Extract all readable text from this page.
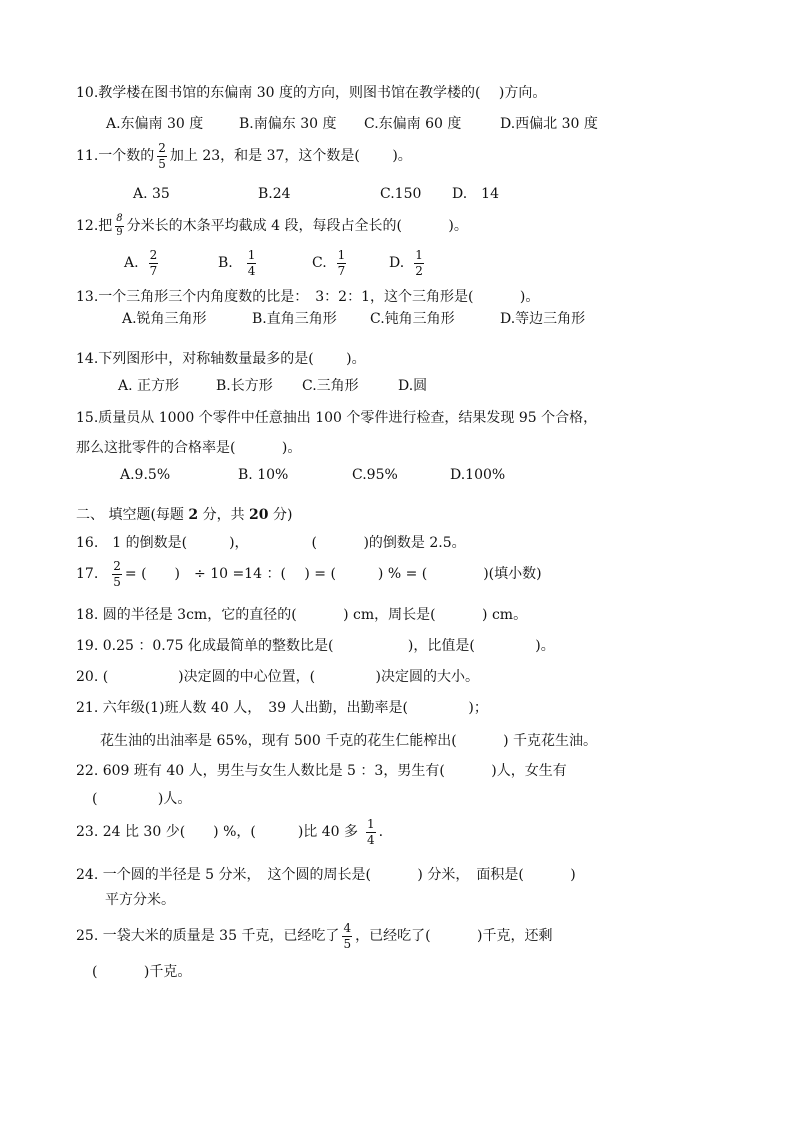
10.教学楼在图书馆的东偏南 30 度的方向，则图书馆在教学楼的(　 )方向。
A.东偏南 30 度	B.南偏东 30 度 C.东偏南 60 度	D.西偏北 30 度
11.一个数的 $\frac{2}{5}$ 加上 23，和是 37，这个数是(　　 )。
A. 35	B.24	C.150 D.　14
12.把 $\frac{8}{9}$ 分米长的木条平均截成 4 段，每段占全长的(　　　 )。
A. $\frac{2}{7}$	B. $\frac{1}{4}$	C. $\frac{1}{7}$	D. $\frac{1}{2}$
13.一个三角形三个内角度数的比是：　3：2：1，这个三角形是(　　　 )。
A.锐角三角形	B.直角三角形 C.钝角三角形	D.等边三角形
14.下列图形中，对称轴数量最多的是(　　 )。
A. 正方形	B.长方形 C.三角形	D.圆
15.质量员从 1000 个零件中任意抽出 100 个零件进行检查，结果发现 95 个合格，
那么这批零件的合格率是(　　　 )。
A.9.5%	B. 10%	C.95%	D.100%
二、 填空题(每题 2 分，共 20 分)
16.　1 的倒数是(　　　)，　　　　　(　　　 )的倒数是 2.5。
17. $\frac{2}{5}$ = (　　)　÷ 10 =14 ：(　 ) = (　　　) % = (　　　　)(填小数)
18. 圆的半径是 3cm，它的直径的(　　　 ) cm，周长是(　　　 ) cm。
19. 0.25 ：0.75 化成最简单的整数比是(　　　　　 )，比值是(　　　　 )。
20. (　　　　　)决定圆的中心位置，(　　　　 )决定圆的大小。
21. 六年级(1)班人数 40 人，　39 人出勤，出勤率是(　　　　 )；
花生油的出油率是 65%，现有 500 千克的花生仁能榨出(　　　 ) 千克花生油。
22. 609 班有 40 人，男生与女生人数比是 5 ：3，男生有(　　　 )人，女生有
(　　　　 )人。
23. 24 比 30 少(　　) %，(　　　)比 40 多 $\frac{1}{4}$ .
24. 一个圆的半径是 5 分米，　这个圆的周长是(　　　 ) 分米，　面积是(　　　 )
平方分米。
25. 一袋大米的质量是 35 千克，已经吃了 $\frac{4}{5}$ ，已经吃了(　　　 )千克，还剩
(　　　 )千克。
